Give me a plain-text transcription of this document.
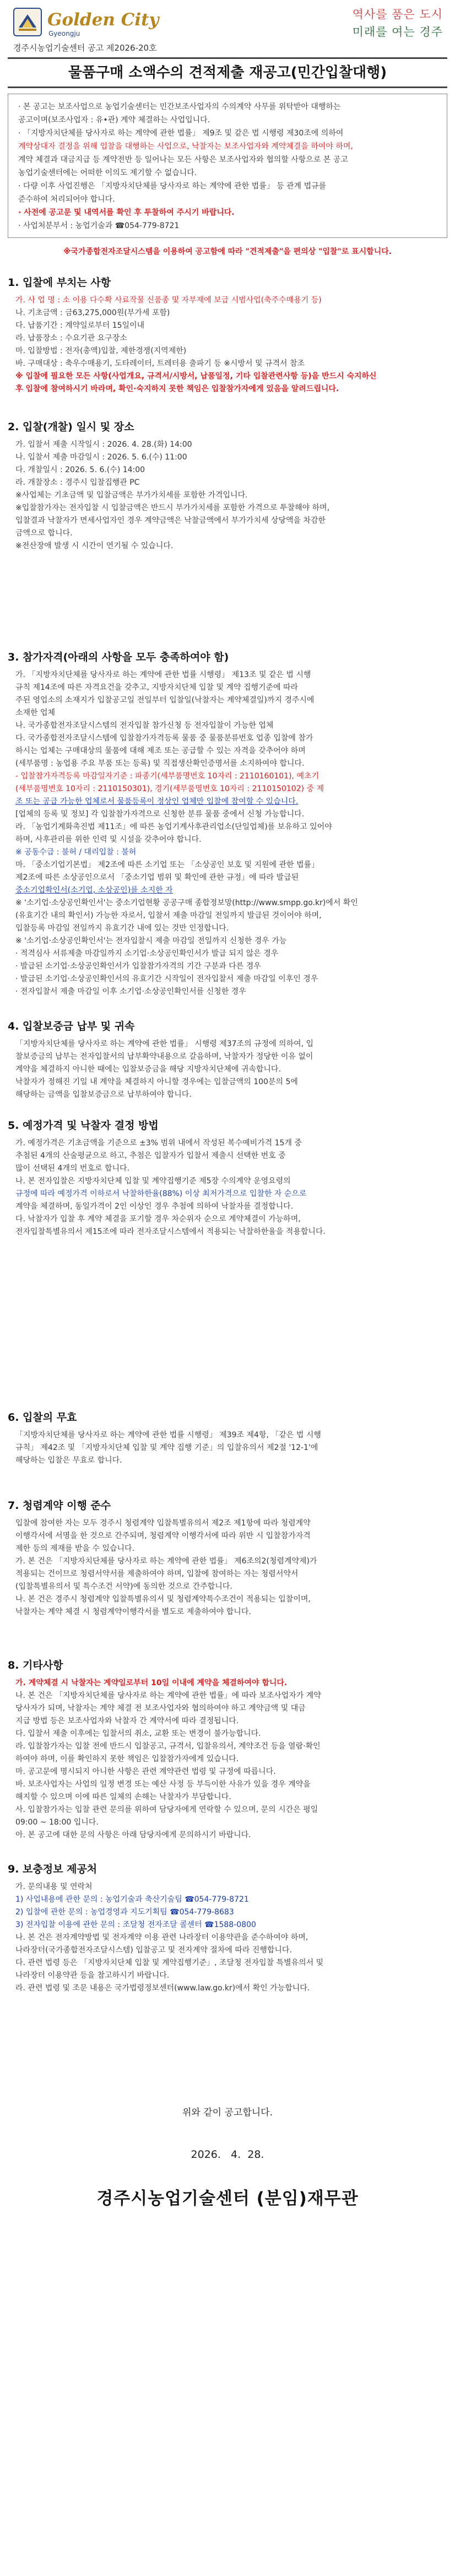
Golden City
Gyeongju
역사를 품은 도시
미래를 여는 경주
경주시농업기술센터 공고 제2026-20호
물품구매 소액수의 견적제출 재공고(민간입찰대행)

· 본 공고는 보조사업으로 농업기술센터는 민간보조사업자의 수의계약 사무를 위탁받아 대행하는

공고이며(보조사업자 : 유•관) 계약 체결하는 사업입니다.

· 「지방자치단체를 당사자로 하는 계약에 관한 법률」 제9조 및 같은 법 시행령 제30조에 의하여

계약상대자 결정을 위해 입찰을 대행하는 사업으로, 낙찰자는 보조사업자와 계약체결을 하여야 하며,

계약 체결과 대금지급 등 계약전반 등 일어나는 모든 사항은 보조사업자와 협의할 사항으로 본 공고

농업기술센터에는 어떠한 이의도 제기할 수 없습니다.

· 다량 이후 사업진행은 「지방자치단체를 당사자로 하는 계약에 관한 법률」 등 관계 법규를

준수하여 처리되어야 합니다.

· 사전에 공고문 및 내역서를 확인 후 투찰하여 주시기 바랍니다.

· 사업처분부서 : 농업기술과 ☎054-779-8721

※국가종합전자조달시스템을 이용하여 공고함에 따라 "견적제출"을 편의상 "입찰"로 표시합니다.
1. 입찰에 부치는 사항

가. 사 업 명 : 소 이용 다수확 사료작물 신품종 및 자부재에 보급 시범사업(축주수매용기 등)

나. 기초금액 : 금63,275,000원(부가세 포함)

다. 납품기간 : 계약일로부터 15일이내

라. 납품장소 : 수요기관 요구장소

마. 입찰방법 : 전자(총액)입찰, 제한경쟁(지역제한)

바. 구매대상 : 축우수매용기, 도타레이터, 트레터용 출파기 등 ※시방서 및 규격서 참조

※ 입찰에 필요한 모든 사항(사업개요, 규격서/시방서, 납품일정, 기타 입찰관련사항 등)을 반드시 숙지하신

후 입찰에 참여하시기 바라며, 확인·숙지하지 못한 책임은 입찰참가자에게 있음을 알려드립니다.

2. 입찰(개찰) 일시 및 장소

가. 입찰서 제출 시작일시 : 2026. 4. 28.(화) 14:00

나. 입찰서 제출 마감일시 : 2026. 5. 6.(수) 11:00

다. 개찰일시 : 2026. 5. 6.(수) 14:00

라. 개찰장소 : 경주시 입찰집행관 PC

※사업체는 기초금액 및 입찰금액은 부가가치세를 포함한 가격입니다.

※입찰참가자는 전자입찰 시 입찰금액은 반드시 부가가치세를 포함한 가격으로 투찰해야 하며,

입찰결과 낙찰자가 면세사업자인 경우 계약금액은 낙찰금액에서 부가가치세 상당액을 차감한

금액으로 합니다.

※전산장애 발생 시 시간이 연기될 수 있습니다.

3. 참가자격(아래의 사항을 모두 충족하여야 함)

가. 「지방자치단체를 당사자로 하는 계약에 관한 법률 시행령」 제13조 및 같은 법 시행

규칙 제14조에 따른 자격요건을 갖추고, 지방자치단체 입찰 및 계약 집행기준에 따라

주된 영업소의 소재지가 입찰공고일 전일부터 입찰일(낙찰자는 계약체결일)까지 경주시에

소재한 업체

나. 국가종합전자조달시스템의 전자입찰 참가신청 등 전자입찰이 가능한 업체

다. 국가종합전자조달시스템에 입찰참가자격등록 물품 중 물품분류번호 업종 입찰에 참가

하시는 업체는 구매대상의 물품에 대해 제조 또는 공급할 수 있는 자격을 갖추어야 하며

(세부품명 : 농업용 주요 부품 또는 등록) 및 직접생산확인증명서를 소지하여야 합니다.

- 입찰참가자격등록 마감일자기준 : 파종기(세부품명번호 10자리 : 2110160101), 예초기

(세부품명번호 10자리 : 2110150301), 경기(세부품명번호 10자리 : 2110150102) 중 제

조 또는 공급 가능한 업체로서 물품등록이 정상인 업체만 입찰에 참여할 수 있습니다.

[업체의 등록 및 정보] 각 입찰참가자격으로 신청한 분류 물품 중에서 신청 가능합니다.

라. 「농업기계화촉진법 제11조」에 따른 농업기계사후관리업소(단일업체)를 보유하고 있어야

하며, 사후관리를 위한 인력 및 시설을 갖추어야 합니다.

※ 공동수급 : 불허 / 대리입찰 : 불허

마. 「중소기업기본법」 제2조에 따른 소기업 또는 「소상공인 보호 및 지원에 관한 법률」

제2조에 따른 소상공인으로서 「중소기업 범위 및 확인에 관한 규정」에 따라 발급된

중소기업확인서(소기업, 소상공인)를 소지한 자

※ '소기업·소상공인확인서'는 중소기업현황 공공구매 종합정보망(http://www.smpp.go.kr)에서 확인

(유효기간 내의 확인서) 가능한 자로서, 입찰서 제출 마감일 전일까지 발급된 것이어야 하며,

입찰등록 마감일 전일까지 유효기간 내에 있는 것만 인정합니다.

※ '소기업·소상공인확인서'는 전자입찰시 제출 마감일 전일까지 신청한 경우 가능

· 적격심사 서류제출 마감일까지 소기업·소상공인확인서가 발급 되지 않은 경우

· 발급된 소기업·소상공인확인서가 입찰참가자격의 기간 구분과 다른 경우

· 발급된 소기업·소상공인확인서의 유효기간 시작일이 전자입찰서 제출 마감일 이후인 경우

· 전자입찰서 제출 마감일 이후 소기업·소상공인확인서를 신청한 경우

4. 입찰보증금 납부 및 귀속

「지방자치단체를 당사자로 하는 계약에 관한 법률」 시행령 제37조의 규정에 의하여, 입

찰보증금의 납부는 전자입찰서의 납부확약내용으로 갈음하며, 낙찰자가 정당한 이유 없이

계약을 체결하지 아니한 때에는 입찰보증금을 해당 지방자치단체에 귀속합니다.

낙찰자가 정해진 기일 내 계약을 체결하지 아니할 경우에는 입찰금액의 100분의 5에

해당하는 금액을 입찰보증금으로 납부하여야 합니다.

5. 예정가격 및 낙찰자 결정 방법

가. 예정가격은 기초금액을 기준으로 ±3% 범위 내에서 작성된 복수예비가격 15개 중

추첨된 4개의 산술평균으로 하고, 추첨은 입찰자가 입찰서 제출시 선택한 번호 중

많이 선택된 4개의 번호로 합니다.

나. 본 전자입찰은 지방자치단체 입찰 및 계약집행기준 제5장 수의계약 운영요령의

규정에 따라 예정가격 이하로서 낙찰하한율(88%) 이상 최저가격으로 입찰한 자 순으로

계약을 체결하며, 동일가격이 2인 이상인 경우 추첨에 의하여 낙찰자를 결정합니다.

다. 낙찰자가 입찰 후 계약 체결을 포기할 경우 차순위자 순으로 계약체결이 가능하며,

전자입찰특별유의서 제15조에 따라 전자조달시스템에서 적용되는 낙찰하한율을 적용합니다.

6. 입찰의 무효

「지방자치단체를 당사자로 하는 계약에 관한 법률 시행령」 제39조 제4항, 「같은 법 시행

규칙」 제42조 및 「지방자치단체 입찰 및 계약 집행 기준」의 입찰유의서 제2절 '12-1'에

해당하는 입찰은 무효로 합니다.

7. 청렴계약 이행 준수

입찰에 참여한 자는 모두 경주시 청렴계약 입찰특별유의서 제2조 제1항에 따라 청렴계약

이행각서에 서명을 한 것으로 간주되며, 청렴계약 이행각서에 따라 위반 시 입찰참가자격

제한 등의 제재를 받을 수 있습니다.

가. 본 건은 「지방자치단체를 당사자로 하는 계약에 관한 법률」 제6조의2(청렴계약제)가

적용되는 건이므로 청렴서약서를 제출하여야 하며, 입찰에 참여하는 자는 청렴서약서

(입찰특별유의서 및 특수조건 서약)에 동의한 것으로 간주합니다.

나. 본 건은 경주시 청렴계약 입찰특별유의서 및 청렴계약특수조건이 적용되는 입찰이며,

낙찰자는 계약 체결 시 청렴계약이행각서를 별도로 제출하여야 합니다.

8. 기타사항

가. 계약체결 시 낙찰자는 계약일로부터 10일 이내에 계약을 체결하여야 합니다.

나. 본 건은 「지방자치단체를 당사자로 하는 계약에 관한 법률」에 따라 보조사업자가 계약

당사자가 되며, 낙찰자는 계약 체결 전 보조사업자와 협의하여야 하고 계약금액 및 대금

지급 방법 등은 보조사업자와 낙찰자 간 계약서에 따라 결정됩니다.

다. 입찰서 제출 이후에는 입찰서의 취소, 교환 또는 변경이 불가능합니다.

라. 입찰참가자는 입찰 전에 반드시 입찰공고, 규격서, 입찰유의서, 계약조건 등을 열람·확인

하여야 하며, 이를 확인하지 못한 책임은 입찰참가자에게 있습니다.

마. 공고문에 명시되지 아니한 사항은 관련 계약관련 법령 및 규정에 따릅니다.

바. 보조사업자는 사업의 일정 변경 또는 예산 사정 등 부득이한 사유가 있을 경우 계약을

해지할 수 있으며 이에 따른 일체의 손해는 낙찰자가 부담합니다.

사. 입찰참가자는 입찰 관련 문의를 위하여 담당자에게 연락할 수 있으며, 문의 시간은 평일

09:00 ~ 18:00 입니다.

아. 본 공고에 대한 문의 사항은 아래 담당자에게 문의하시기 바랍니다.

9. 보충정보 제공처

가. 문의내용 및 연락처

1) 사업내용에 관한 문의 : 농업기술과 축산기술팀 ☎054-779-8721

2) 입찰에 관한 문의 : 농업경영과 지도기획팀 ☎054-779-8683

3) 전자입찰 이용에 관한 문의 : 조달청 전자조달 콜센터 ☎1588-0800

나. 본 건은 전자계약방법 및 전자계약 이용 관련 나라장터 이용약관을 준수하여야 하며,

나라장터(국가종합전자조달시스템) 입찰공고 및 전자계약 절차에 따라 진행합니다.

다. 관련 법령 등은 「지방자치단체 입찰 및 계약집행기준」, 조달청 전자입찰 특별유의서 및

나라장터 이용약관 등을 참고하시기 바랍니다.

라. 관련 법령 및 조문 내용은 국가법령정보센터(www.law.go.kr)에서 확인 가능합니다.

위와 같이 공고합니다.
2026.   4.  28.
경주시농업기술센터 (분임)재무관
